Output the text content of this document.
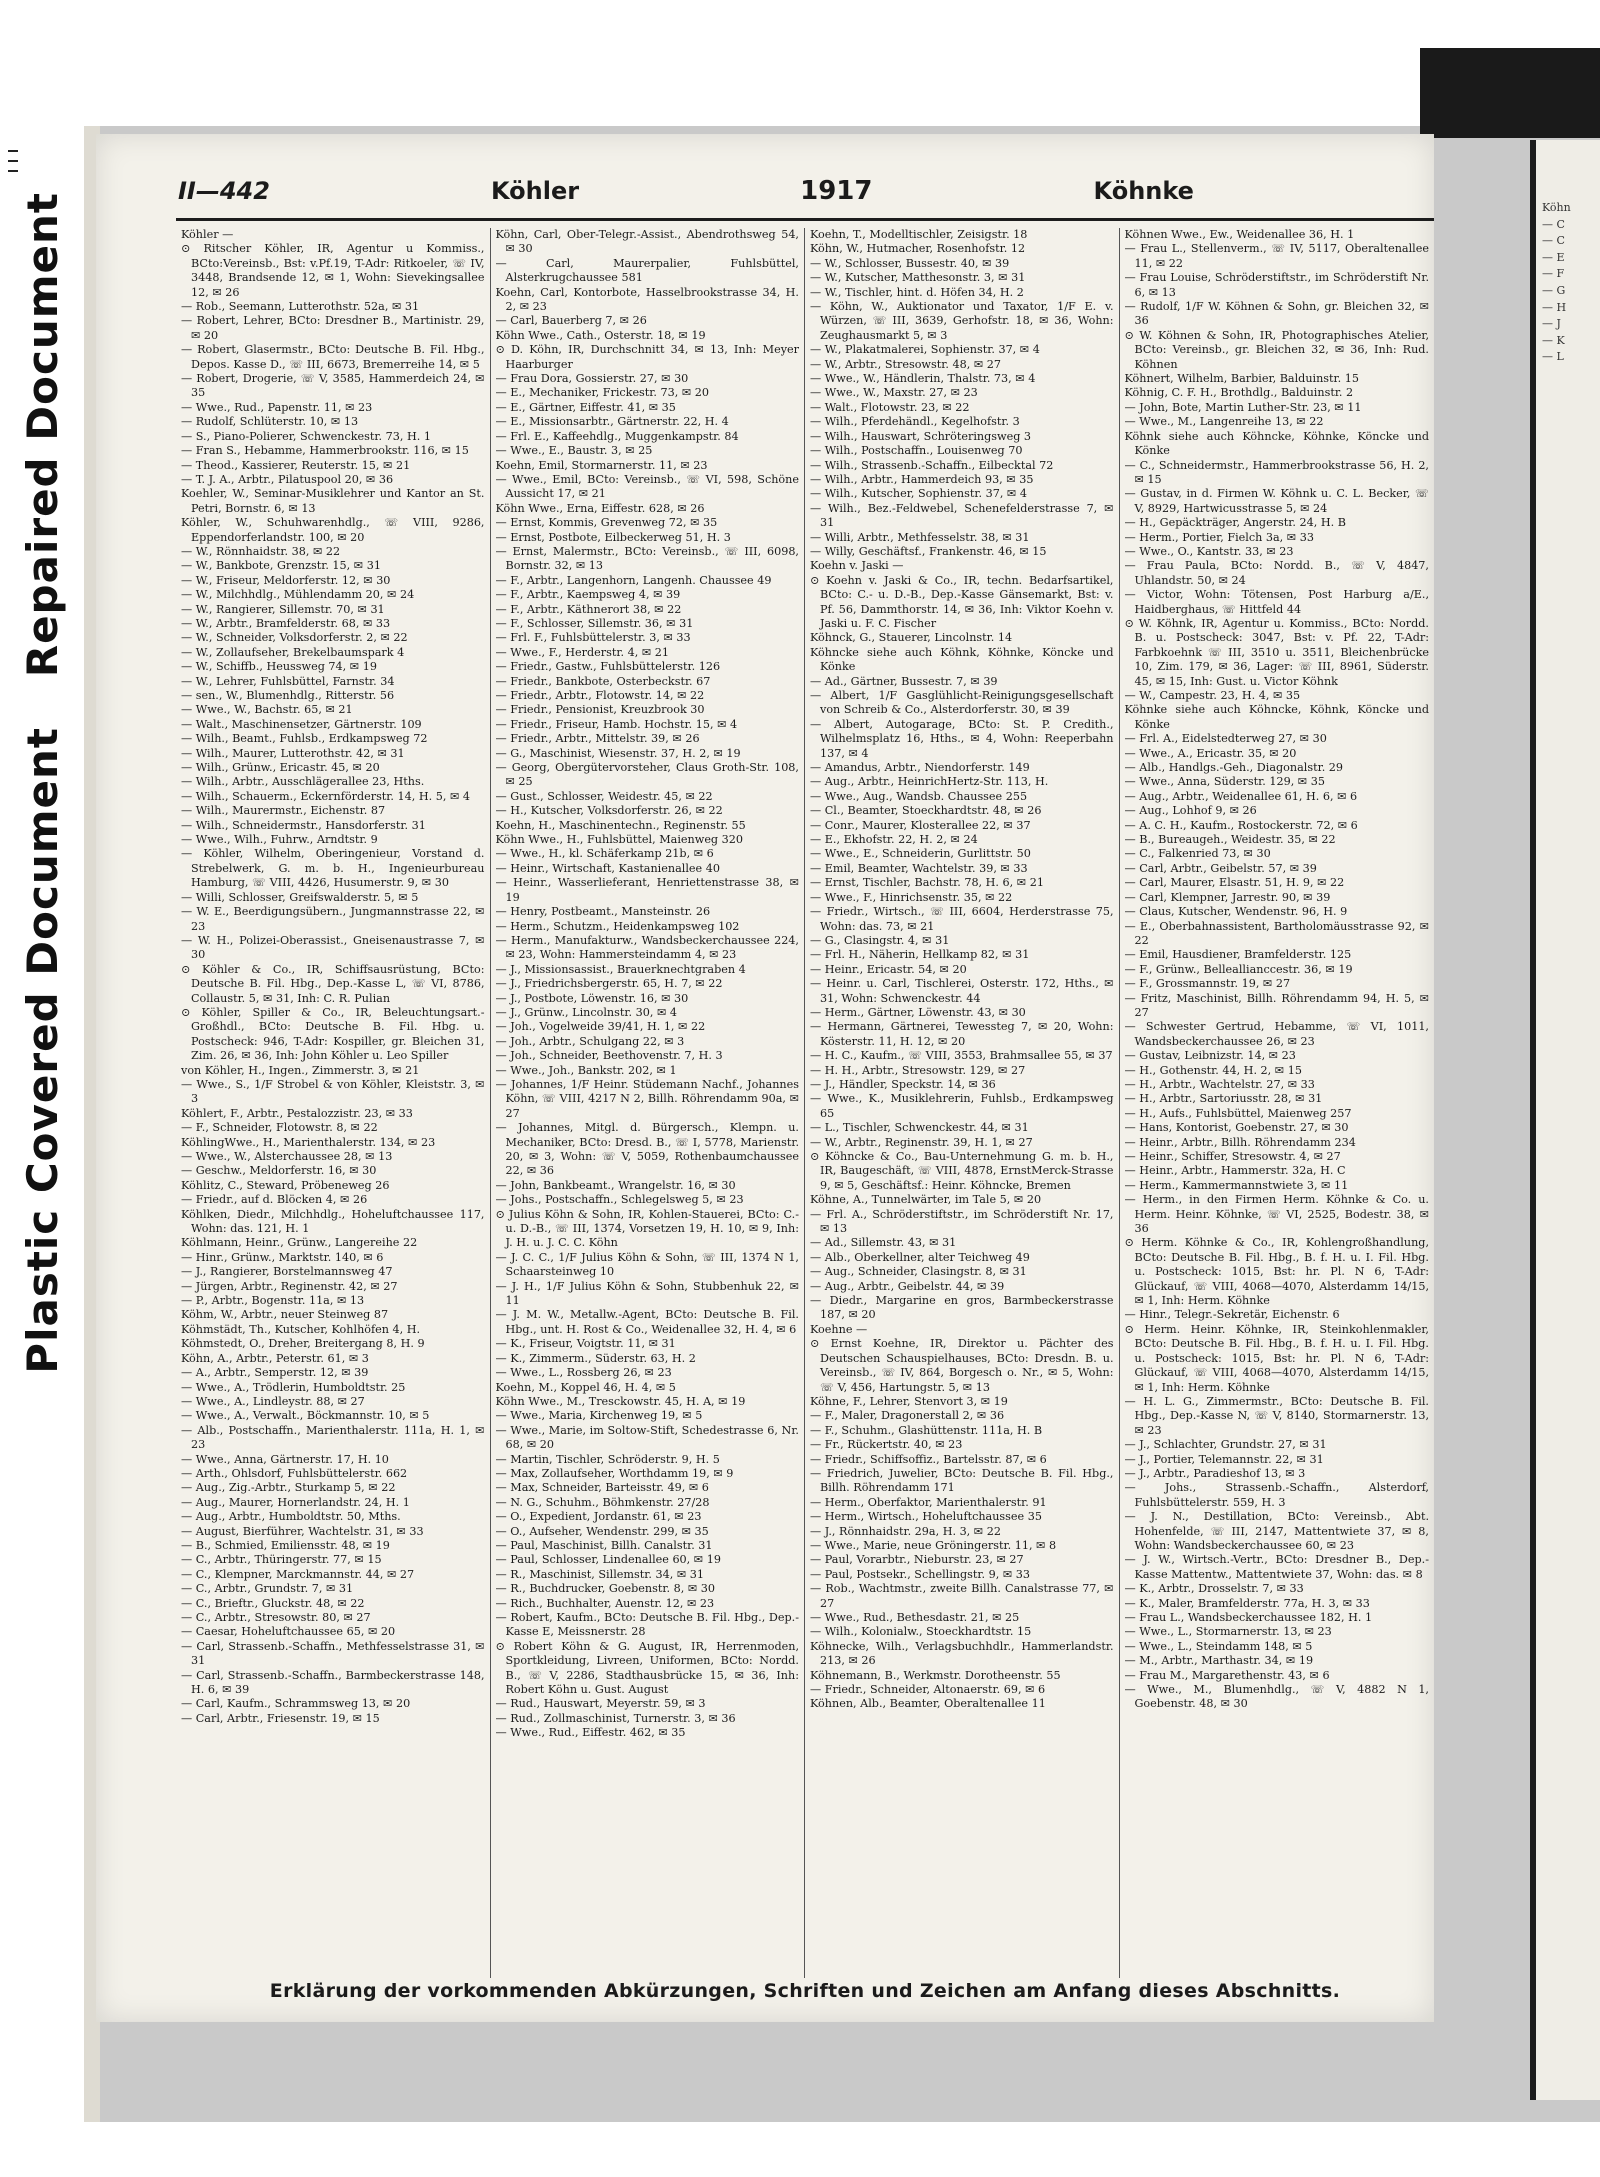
Repaired Document
Plastic Covered Document
Köhn
— C
— C
— E
— F
— G
— H
— J
— K
— L
II—442	Köhler	1917	Köhnke

Köhler —

⊙ Ritscher Köhler, IR, Agentur u Kommiss., BCto:Vereinsb., Bst: v.Pf.19, T-Adr: Ritkoeler, ☏ IV, 3448, Brandsende 12, ✉ 1, Wohn: Sievekingsallee 12, ✉ 26

— Rob., Seemann, Lutterothstr. 52a, ✉ 31

— Robert, Lehrer, BCto: Dresdner B., Martinistr. 29, ✉ 20

— Robert, Glasermstr., BCto: Deutsche B. Fil. Hbg., Depos. Kasse D., ☏ III, 6673, Bremerreihe 14, ✉ 5

— Robert, Drogerie, ☏ V, 3585, Hammerdeich 24, ✉ 35

— Wwe., Rud., Papenstr. 11, ✉ 23

— Rudolf, Schlüterstr. 10, ✉ 13

— S., Piano-Polierer, Schwenckestr. 73, H. 1

— Fran S., Hebamme, Hammerbrookstr. 116, ✉ 15

— Theod., Kassierer, Reuterstr. 15, ✉ 21

— T. J. A., Arbtr., Pilatuspool 20, ✉ 36

Koehler, W., Seminar-Musiklehrer und Kantor an St. Petri, Bornstr. 6, ✉ 13

Köhler, W., Schuhwarenhdlg., ☏ VIII, 9286, Eppendorferlandstr. 100, ✉ 20

— W., Rönnhaidstr. 38, ✉ 22

— W., Bankbote, Grenzstr. 15, ✉ 31

— W., Friseur, Meldorferstr. 12, ✉ 30

— W., Milchhdlg., Mühlendamm 20, ✉ 24

— W., Rangierer, Sillemstr. 70, ✉ 31

— W., Arbtr., Bramfelderstr. 68, ✉ 33

— W., Schneider, Volksdorferstr. 2, ✉ 22

— W., Zollaufseher, Brekelbaumspark 4

— W., Schiffb., Heussweg 74, ✉ 19

— W., Lehrer, Fuhlsbüttel, Farnstr. 34

— sen., W., Blumenhdlg., Ritterstr. 56

— Wwe., W., Bachstr. 65, ✉ 21

— Walt., Maschinensetzer, Gärtnerstr. 109

— Wilh., Beamt., Fuhlsb., Erdkampsweg 72

— Wilh., Maurer, Lutterothstr. 42, ✉ 31

— Wilh., Grünw., Ericastr. 45, ✉ 20

— Wilh., Arbtr., Ausschlägerallee 23, Hths.

— Wilh., Schauerm., Eckernförderstr. 14, H. 5, ✉ 4

— Wilh., Maurermstr., Eichenstr. 87

— Wilh., Schneidermstr., Hansdorferstr. 31

— Wwe., Wilh., Fuhrw., Arndtstr. 9

— Köhler, Wilhelm, Oberingenieur, Vorstand d. Strebelwerk, G. m. b. H., Ingenieurbureau Hamburg, ☏ VIII, 4426, Husumerstr. 9, ✉ 30

— Willi, Schlosser, Greifswalderstr. 5, ✉ 5

— W. E., Beerdigungsübern., Jungmannstrasse 22, ✉ 23

— W. H., Polizei-Oberassist., Gneisenaustrasse 7, ✉ 30

⊙ Köhler & Co., IR, Schiffsausrüstung, BCto: Deutsche B. Fil. Hbg., Dep.-Kasse L, ☏ VI, 8786, Collaustr. 5, ✉ 31, Inh: C. R. Pulian

⊙ Köhler, Spiller & Co., IR, Beleuchtungsart.-Großhdl., BCto: Deutsche B. Fil. Hbg. u. Postscheck: 946, T-Adr: Kospiller, gr. Bleichen 31, Zim. 26, ✉ 36, Inh: John Köhler u. Leo Spiller

von Köhler, H., Ingen., Zimmerstr. 3, ✉ 21

— Wwe., S., 1/F Strobel & von Köhler, Kleiststr. 3, ✉ 3

Köhlert, F., Arbtr., Pestalozzistr. 23, ✉ 33

— F., Schneider, Flotowstr. 8, ✉ 22

KöhlingWwe., H., Marienthalerstr. 134, ✉ 23

— Wwe., W., Alsterchaussee 28, ✉ 13

— Geschw., Meldorferstr. 16, ✉ 30

Köhlitz, C., Steward, Pröbeneweg 26

— Friedr., auf d. Blöcken 4, ✉ 26

Köhlken, Diedr., Milchhdlg., Hoheluftchaussee 117, Wohn: das. 121, H. 1

Köhlmann, Heinr., Grünw., Langereihe 22

— Hinr., Grünw., Marktstr. 140, ✉ 6

— J., Rangierer, Borstelmannsweg 47

— Jürgen, Arbtr., Reginenstr. 42, ✉ 27

— P., Arbtr., Bogenstr. 11a, ✉ 13

Köhm, W., Arbtr., neuer Steinweg 87

Köhmstädt, Th., Kutscher, Kohlhöfen 4, H.

Köhmstedt, O., Dreher, Breitergang 8, H. 9

Köhn, A., Arbtr., Peterstr. 61, ✉ 3

— A., Arbtr., Semperstr. 12, ✉ 39

— Wwe., A., Trödlerin, Humboldtstr. 25

— Wwe., A., Lindleystr. 88, ✉ 27

— Wwe., A., Verwalt., Böckmannstr. 10, ✉ 5

— Alb., Postschaffn., Marienthalerstr. 111a, H. 1, ✉ 23

— Wwe., Anna, Gärtnerstr. 17, H. 10

— Arth., Ohlsdorf, Fuhlsbüttelerstr. 662

— Aug., Zig.-Arbtr., Sturkamp 5, ✉ 22

— Aug., Maurer, Hornerlandstr. 24, H. 1

— Aug., Arbtr., Humboldtstr. 50, Mths.

— August, Bierführer, Wachtelstr. 31, ✉ 33

— B., Schmied, Emiliensstr. 48, ✉ 19

— C., Arbtr., Thüringerstr. 77, ✉ 15

— C., Klempner, Marckmannstr. 44, ✉ 27

— C., Arbtr., Grundstr. 7, ✉ 31

— C., Brieftr., Gluckstr. 48, ✉ 22

— C., Arbtr., Stresowstr. 80, ✉ 27

— Caesar, Hoheluftchaussee 65, ✉ 20

— Carl, Strassenb.-Schaffn., Methfesselstrasse 31, ✉ 31

— Carl, Strassenb.-Schaffn., Barmbeckerstrasse 148, H. 6, ✉ 39

— Carl, Kaufm., Schrammsweg 13, ✉ 20

— Carl, Arbtr., Friesenstr. 19, ✉ 15

Köhn, Carl, Ober-Telegr.-Assist., Abendrothsweg 54, ✉ 30

— Carl, Maurerpalier, Fuhlsbüttel, Alsterkrugchaussee 581

Koehn, Carl, Kontorbote, Hasselbrookstrasse 34, H. 2, ✉ 23

— Carl, Bauerberg 7, ✉ 26

Köhn Wwe., Cath., Osterstr. 18, ✉ 19

⊙ D. Köhn, IR, Durchschnitt 34, ✉ 13, Inh: Meyer Haarburger

— Frau Dora, Gossierstr. 27, ✉ 30

— E., Mechaniker, Frickestr. 73, ✉ 20

— E., Gärtner, Eiffestr. 41, ✉ 35

— E., Missionsarbtr., Gärtnerstr. 22, H. 4

— Frl. E., Kaffeehdlg., Muggenkampstr. 84

— Wwe., E., Baustr. 3, ✉ 25

Koehn, Emil, Stormarnerstr. 11, ✉ 23

— Wwe., Emil, BCto: Vereinsb., ☏ VI, 598, Schöne Aussicht 17, ✉ 21

Köhn Wwe., Erna, Eiffestr. 628, ✉ 26

— Ernst, Kommis, Grevenweg 72, ✉ 35

— Ernst, Postbote, Eilbeckerweg 51, H. 3

— Ernst, Malermstr., BCto: Vereinsb., ☏ III, 6098, Bornstr. 32, ✉ 13

— F., Arbtr., Langenhorn, Langenh. Chaussee 49

— F., Arbtr., Kaempsweg 4, ✉ 39

— F., Arbtr., Käthnerort 38, ✉ 22

— F., Schlosser, Sillemstr. 36, ✉ 31

— Frl. F., Fuhlsbüttelerstr. 3, ✉ 33

— Wwe., F., Herderstr. 4, ✉ 21

— Friedr., Gastw., Fuhlsbüttelerstr. 126

— Friedr., Bankbote, Osterbeckstr. 67

— Friedr., Arbtr., Flotowstr. 14, ✉ 22

— Friedr., Pensionist, Kreuzbrook 30

— Friedr., Friseur, Hamb. Hochstr. 15, ✉ 4

— Friedr., Arbtr., Mittelstr. 39, ✉ 26

— G., Maschinist, Wiesenstr. 37, H. 2, ✉ 19

— Georg, Obergütervorsteher, Claus Groth-Str. 108, ✉ 25

— Gust., Schlosser, Weidestr. 45, ✉ 22

— H., Kutscher, Volksdorferstr. 26, ✉ 22

Koehn, H., Maschinentechn., Reginenstr. 55

Köhn Wwe., H., Fuhlsbüttel, Maienweg 320

— Wwe., H., kl. Schäferkamp 21b, ✉ 6

— Heinr., Wirtschaft, Kastanienallee 40

— Heinr., Wasserlieferant, Henriettenstrasse 38, ✉ 19

— Henry, Postbeamt., Mansteinstr. 26

— Herm., Schutzm., Heidenkampsweg 102

— Herm., Manufakturw., Wandsbeckerchaussee 224, ✉ 23, Wohn: Hammersteindamm 4, ✉ 23

— J., Missionsassist., Brauerknechtgraben 4

— J., Friedrichsbergerstr. 65, H. 7, ✉ 22

— J., Postbote, Löwenstr. 16, ✉ 30

— J., Grünw., Lincolnstr. 30, ✉ 4

— Joh., Vogelweide 39/41, H. 1, ✉ 22

— Joh., Arbtr., Schulgang 22, ✉ 3

— Joh., Schneider, Beethovenstr. 7, H. 3

— Wwe., Joh., Bankstr. 202, ✉ 1

— Johannes, 1/F Heinr. Stüdemann Nachf., Johannes Köhn, ☏ VIII, 4217 N 2, Billh. Röhrendamm 90a, ✉ 27

— Johannes, Mitgl. d. Bürgersch., Klempn. u. Mechaniker, BCto: Dresd. B., ☏ I, 5778, Marienstr. 20, ✉ 3, Wohn: ☏ V, 5059, Rothenbaumchaussee 22, ✉ 36

— John, Bankbeamt., Wrangelstr. 16, ✉ 30

— Johs., Postschaffn., Schlegelsweg 5, ✉ 23

⊙ Julius Köhn & Sohn, IR, Kohlen-Stauerei, BCto: C.- u. D.-B., ☏ III, 1374, Vorsetzen 19, H. 10, ✉ 9, Inh: J. H. u. J. C. C. Köhn

— J. C. C., 1/F Julius Köhn & Sohn, ☏ III, 1374 N 1, Schaarsteinweg 10

— J. H., 1/F Julius Köhn & Sohn, Stubbenhuk 22, ✉ 11

— J. M. W., Metallw.-Agent, BCto: Deutsche B. Fil. Hbg., unt. H. Rost & Co., Weidenallee 32, H. 4, ✉ 6

— K., Friseur, Voigtstr. 11, ✉ 31

— K., Zimmerm., Süderstr. 63, H. 2

— Wwe., L., Rossberg 26, ✉ 23

Koehn, M., Koppel 46, H. 4, ✉ 5

Köhn Wwe., M., Tresckowstr. 45, H. A, ✉ 19

— Wwe., Maria, Kirchenweg 19, ✉ 5

— Wwe., Marie, im Soltow-Stift, Schedestrasse 6, Nr. 68, ✉ 20

— Martin, Tischler, Schröderstr. 9, H. 5

— Max, Zollaufseher, Worthdamm 19, ✉ 9

— Max, Schneider, Barteisstr. 49, ✉ 6

— N. G., Schuhm., Böhmkenstr. 27/28

— O., Expedient, Jordanstr. 61, ✉ 23

— O., Aufseher, Wendenstr. 299, ✉ 35

— Paul, Maschinist, Billh. Canalstr. 31

— Paul, Schlosser, Lindenallee 60, ✉ 19

— R., Maschinist, Sillemstr. 34, ✉ 31

— R., Buchdrucker, Goebenstr. 8, ✉ 30

— Rich., Buchhalter, Auenstr. 12, ✉ 23

— Robert, Kaufm., BCto: Deutsche B. Fil. Hbg., Dep.-Kasse E, Meissnerstr. 28

⊙ Robert Köhn & G. August, IR, Herrenmoden, Sportkleidung, Livreen, Uniformen, BCto: Nordd. B., ☏ V, 2286, Stadthausbrücke 15, ✉ 36, Inh: Robert Köhn u. Gust. August

— Rud., Hauswart, Meyerstr. 59, ✉ 3

— Rud., Zollmaschinist, Turnerstr. 3, ✉ 36

— Wwe., Rud., Eiffestr. 462, ✉ 35

Koehn, T., Modelltischler, Zeisigstr. 18

Köhn, W., Hutmacher, Rosenhofstr. 12

— W., Schlosser, Bussestr. 40, ✉ 39

— W., Kutscher, Matthesonstr. 3, ✉ 31

— W., Tischler, hint. d. Höfen 34, H. 2

— Köhn, W., Auktionator und Taxator, 1/F E. v. Würzen, ☏ III, 3639, Gerhofstr. 18, ✉ 36, Wohn: Zeughausmarkt 5, ✉ 3

— W., Plakatmalerei, Sophienstr. 37, ✉ 4

— W., Arbtr., Stresowstr. 48, ✉ 27

— Wwe., W., Händlerin, Thalstr. 73, ✉ 4

— Wwe., W., Maxstr. 27, ✉ 23

— Walt., Flotowstr. 23, ✉ 22

— Wilh., Pferdehändl., Kegelhofstr. 3

— Wilh., Hauswart, Schröteringsweg 3

— Wilh., Postschaffn., Louisenweg 70

— Wilh., Strassenb.-Schaffn., Eilbecktal 72

— Wilh., Arbtr., Hammerdeich 93, ✉ 35

— Wilh., Kutscher, Sophienstr. 37, ✉ 4

— Wilh., Bez.-Feldwebel, Schenefelderstrasse 7, ✉ 31

— Willi, Arbtr., Methfesselstr. 38, ✉ 31

— Willy, Geschäftsf., Frankenstr. 46, ✉ 15

Koehn v. Jaski —

⊙ Koehn v. Jaski & Co., IR, techn. Bedarfsartikel, BCto: C.- u. D.-B., Dep.-Kasse Gänsemarkt, Bst: v. Pf. 56, Dammthorstr. 14, ✉ 36, Inh: Viktor Koehn v. Jaski u. F. C. Fischer

Köhnck, G., Stauerer, Lincolnstr. 14

Köhncke siehe auch Köhnk, Köhnke, Köncke und Könke

— Ad., Gärtner, Bussestr. 7, ✉ 39

— Albert, 1/F Gasglühlicht-Reinigungsgesellschaft von Schreib & Co., Alsterdorferstr. 30, ✉ 39

— Albert, Autogarage, BCto: St. P. Credith., Wilhelmsplatz 16, Hths., ✉ 4, Wohn: Reeperbahn 137, ✉ 4

— Amandus, Arbtr., Niendorferstr. 149

— Aug., Arbtr., HeinrichHertz-Str. 113, H.

— Wwe., Aug., Wandsb. Chaussee 255

— Cl., Beamter, Stoeckhardtstr. 48, ✉ 26

— Conr., Maurer, Klosterallee 22, ✉ 37

— E., Ekhofstr. 22, H. 2, ✉ 24

— Wwe., E., Schneiderin, Gurlittstr. 50

— Emil, Beamter, Wachtelstr. 39, ✉ 33

— Ernst, Tischler, Bachstr. 78, H. 6, ✉ 21

— Wwe., F., Hinrichsenstr. 35, ✉ 22

— Friedr., Wirtsch., ☏ III, 6604, Herderstrasse 75, Wohn: das. 73, ✉ 21

— G., Clasingstr. 4, ✉ 31

— Frl. H., Näherin, Hellkamp 82, ✉ 31

— Heinr., Ericastr. 54, ✉ 20

— Heinr. u. Carl, Tischlerei, Osterstr. 172, Hths., ✉ 31, Wohn: Schwenckestr. 44

— Herm., Gärtner, Löwenstr. 43, ✉ 30

— Hermann, Gärtnerei, Tewessteg 7, ✉ 20, Wohn: Kösterstr. 11, H. 12, ✉ 20

— H. C., Kaufm., ☏ VIII, 3553, Brahmsallee 55, ✉ 37

— H. H., Arbtr., Stresowstr. 129, ✉ 27

— J., Händler, Speckstr. 14, ✉ 36

— Wwe., K., Musiklehrerin, Fuhlsb., Erdkampsweg 65

— L., Tischler, Schwenckestr. 44, ✉ 31

— W., Arbtr., Reginenstr. 39, H. 1, ✉ 27

⊙ Köhncke & Co., Bau-Unternehmung G. m. b. H., IR, Baugeschäft, ☏ VIII, 4878, ErnstMerck-Strasse 9, ✉ 5, Geschäftsf.: Heinr. Köhncke, Bremen

Köhne, A., Tunnelwärter, im Tale 5, ✉ 20

— Frl. A., Schröderstiftstr., im Schröderstift Nr. 17, ✉ 13

— Ad., Sillemstr. 43, ✉ 31

— Alb., Oberkellner, alter Teichweg 49

— Aug., Schneider, Clasingstr. 8, ✉ 31

— Aug., Arbtr., Geibelstr. 44, ✉ 39

— Diedr., Margarine en gros, Barmbeckerstrasse 187, ✉ 20

Koehne —

⊙ Ernst Koehne, IR, Direktor u. Pächter des Deutschen Schauspielhauses, BCto: Dresdn. B. u. Vereinsb., ☏ IV, 864, Borgesch o. Nr., ✉ 5, Wohn: ☏ V, 456, Hartungstr. 5, ✉ 13

Köhne, F., Lehrer, Stenvort 3, ✉ 19

— F., Maler, Dragonerstall 2, ✉ 36

— F., Schuhm., Glashüttenstr. 111a, H. B

— Fr., Rückertstr. 40, ✉ 23

— Friedr., Schiffsoffiz., Bartelsstr. 87, ✉ 6

— Friedrich, Juwelier, BCto: Deutsche B. Fil. Hbg., Billh. Röhrendamm 171

— Herm., Oberfaktor, Marienthalerstr. 91

— Herm., Wirtsch., Hoheluftchaussee 35

— J., Rönnhaidstr. 29a, H. 3, ✉ 22

— Wwe., Marie, neue Gröningerstr. 11, ✉ 8

— Paul, Vorarbtr., Nieburstr. 23, ✉ 27

— Paul, Postsekr., Schellingstr. 9, ✉ 33

— Rob., Wachtmstr., zweite Billh. Canalstrasse 77, ✉ 27

— Wwe., Rud., Bethesdastr. 21, ✉ 25

— Wilh., Kolonialw., Stoeckhardtstr. 15

Köhnecke, Wilh., Verlagsbuchhdlr., Hammerlandstr. 213, ✉ 26

Köhnemann, B., Werkmstr. Dorotheenstr. 55

— Friedr., Schneider, Altonaerstr. 69, ✉ 6

Köhnen, Alb., Beamter, Oberaltenallee 11

Köhnen Wwe., Ew., Weidenallee 36, H. 1

— Frau L., Stellenverm., ☏ IV, 5117, Oberaltenallee 11, ✉ 22

— Frau Louise, Schröderstiftstr., im Schröderstift Nr. 6, ✉ 13

— Rudolf, 1/F W. Köhnen & Sohn, gr. Bleichen 32, ✉ 36

⊙ W. Köhnen & Sohn, IR, Photographisches Atelier, BCto: Vereinsb., gr. Bleichen 32, ✉ 36, Inh: Rud. Köhnen

Köhnert, Wilhelm, Barbier, Balduinstr. 15

Köhnig, C. F. H., Brothdlg., Balduinstr. 2

— John, Bote, Martin Luther-Str. 23, ✉ 11

— Wwe., M., Langenreihe 13, ✉ 22

Köhnk siehe auch Köhncke, Köhnke, Köncke und Könke

— C., Schneidermstr., Hammerbrookstrasse 56, H. 2, ✉ 15

— Gustav, in d. Firmen W. Köhnk u. C. L. Becker, ☏ V, 8929, Hartwicusstrasse 5, ✉ 24

— H., Gepäckträger, Angerstr. 24, H. B

— Herm., Portier, Fielch 3a, ✉ 33

— Wwe., O., Kantstr. 33, ✉ 23

— Frau Paula, BCto: Nordd. B., ☏ V, 4847, Uhlandstr. 50, ✉ 24

— Victor, Wohn: Tötensen, Post Harburg a/E., Haidberghaus, ☏ Hittfeld 44

⊙ W. Köhnk, IR, Agentur u. Kommiss., BCto: Nordd. B. u. Postscheck: 3047, Bst: v. Pf. 22, T-Adr: Farbkoehnk ☏ III, 3510 u. 3511, Bleichenbrücke 10, Zim. 179, ✉ 36, Lager: ☏ III, 8961, Süderstr. 45, ✉ 15, Inh: Gust. u. Victor Köhnk

— W., Campestr. 23, H. 4, ✉ 35

Köhnke siehe auch Köhncke, Köhnk, Köncke und Könke

— Frl. A., Eidelstedterweg 27, ✉ 30

— Wwe., A., Ericastr. 35, ✉ 20

— Alb., Handlgs.-Geh., Diagonalstr. 29

— Wwe., Anna, Süderstr. 129, ✉ 35

— Aug., Arbtr., Weidenallee 61, H. 6, ✉ 6

— Aug., Lohhof 9, ✉ 26

— A. C. H., Kaufm., Rostockerstr. 72, ✉ 6

— B., Bureaugeh., Weidestr. 35, ✉ 22

— C., Falkenried 73, ✉ 30

— Carl, Arbtr., Geibelstr. 57, ✉ 39

— Carl, Maurer, Elsastr. 51, H. 9, ✉ 22

— Carl, Klempner, Jarrestr. 90, ✉ 39

— Claus, Kutscher, Wendenstr. 96, H. 9

— E., Oberbahnassistent, Bartholomäusstrasse 92, ✉ 22

— Emil, Hausdiener, Bramfelderstr. 125

— F., Grünw., Belleallianccestr. 36, ✉ 19

— F., Grossmannstr. 19, ✉ 27

— Fritz, Maschinist, Billh. Röhrendamm 94, H. 5, ✉ 27

— Schwester Gertrud, Hebamme, ☏ VI, 1011, Wandsbeckerchaussee 26, ✉ 23

— Gustav, Leibnizstr. 14, ✉ 23

— H., Gothenstr. 44, H. 2, ✉ 15

— H., Arbtr., Wachtelstr. 27, ✉ 33

— H., Arbtr., Sartoriusstr. 28, ✉ 31

— H., Aufs., Fuhlsbüttel, Maienweg 257

— Hans, Kontorist, Goebenstr. 27, ✉ 30

— Heinr., Arbtr., Billh. Röhrendamm 234

— Heinr., Schiffer, Stresowstr. 4, ✉ 27

— Heinr., Arbtr., Hammerstr. 32a, H. C

— Herm., Kammermannstwiete 3, ✉ 11

— Herm., in den Firmen Herm. Köhnke & Co. u. Herm. Heinr. Köhnke, ☏ VI, 2525, Bodestr. 38, ✉ 36

⊙ Herm. Köhnke & Co., IR, Kohlengroßhandlung, BCto: Deutsche B. Fil. Hbg., B. f. H. u. I. Fil. Hbg. u. Postscheck: 1015, Bst: hr. Pl. N 6, T-Adr: Glückauf, ☏ VIII, 4068—4070, Alsterdamm 14/15, ✉ 1, Inh: Herm. Köhnke

— Hinr., Telegr.-Sekretär, Eichenstr. 6

⊙ Herm. Heinr. Köhnke, IR, Steinkohlenmakler, BCto: Deutsche B. Fil. Hbg., B. f. H. u. I. Fil. Hbg. u. Postscheck: 1015, Bst: hr. Pl. N 6, T-Adr: Glückauf, ☏ VIII, 4068—4070, Alsterdamm 14/15, ✉ 1, Inh: Herm. Köhnke

— H. L. G., Zimmermstr., BCto: Deutsche B. Fil. Hbg., Dep.-Kasse N, ☏ V, 8140, Stormarnerstr. 13, ✉ 23

— J., Schlachter, Grundstr. 27, ✉ 31

— J., Portier, Telemannstr. 22, ✉ 31

— J., Arbtr., Paradieshof 13, ✉ 3

— Johs., Strassenb.-Schaffn., Alsterdorf, Fuhlsbüttelerstr. 559, H. 3

— J. N., Destillation, BCto: Vereinsb., Abt. Hohenfelde, ☏ III, 2147, Mattentwiete 37, ✉ 8, Wohn: Wandsbeckerchaussee 60, ✉ 23

— J. W., Wirtsch.-Vertr., BCto: Dresdner B., Dep.-Kasse Mattentw., Mattentwiete 37, Wohn: das. ✉ 8

— K., Arbtr., Drosselstr. 7, ✉ 33

— K., Maler, Bramfelderstr. 77a, H. 3, ✉ 33

— Frau L., Wandsbeckerchaussee 182, H. 1

— Wwe., L., Stormarnerstr. 13, ✉ 23

— Wwe., L., Steindamm 148, ✉ 5

— M., Arbtr., Marthastr. 34, ✉ 19

— Frau M., Margarethenstr. 43, ✉ 6

— Wwe., M., Blumenhdlg., ☏ V, 4882 N 1, Goebenstr. 48, ✉ 30

Erklärung der vorkommenden Abkürzungen, Schriften und Zeichen am Anfang dieses Abschnitts.
